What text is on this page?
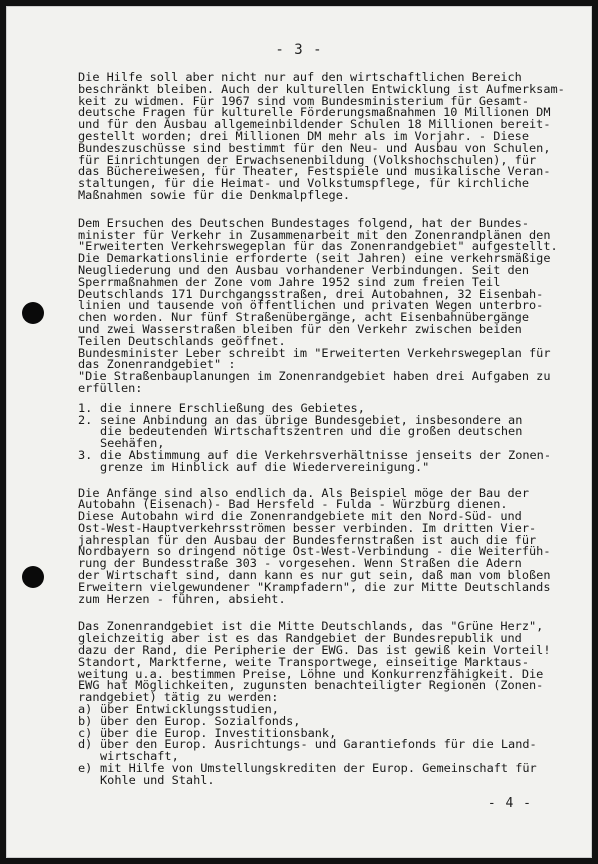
- 3 -

Die Hilfe soll aber nicht nur auf den wirtschaftlichen Bereich
beschränkt bleiben. Auch der kulturellen Entwicklung ist Aufmerksam-
keit zu widmen. Für 1967 sind vom Bundesministerium für Gesamt-
deutsche Fragen für kulturelle Förderungsmaßnahmen 10 Millionen DM
und für den Ausbau allgemeinbildender Schulen 18 Millionen bereit-
gestellt worden; drei Millionen DM mehr als im Vorjahr. - Diese
Bundeszuschüsse sind bestimmt für den Neu- und Ausbau von Schulen,
für Einrichtungen der Erwachsenenbildung (Volkshochschulen), für
das Büchereiwesen, für Theater, Festspiele und musikalische Veran-
staltungen, für die Heimat- und Volkstumspflege, für kirchliche
Maßnahmen sowie für die Denkmalpflege.

Dem Ersuchen des Deutschen Bundestages folgend, hat der Bundes-
minister für Verkehr in Zusammenarbeit mit den Zonenrandplänen den
"Erweiterten Verkehrswegeplan für das Zonenrandgebiet" aufgestellt.
Die Demarkationslinie erforderte (seit Jahren) eine verkehrsmäßige
Neugliederung und den Ausbau vorhandener Verbindungen. Seit den
Sperrmaßnahmen der Zone vom Jahre 1952 sind zum freien Teil
Deutschlands 171 Durchgangsstraßen, drei Autobahnen, 32 Eisenbah-
linien und tausende von öffentlichen und privaten Wegen unterbro-
chen worden. Nur fünf Straßenübergänge, acht Eisenbahnübergänge
und zwei Wasserstraßen bleiben für den Verkehr zwischen beiden
Teilen Deutschlands geöffnet.
Bundesminister Leber schreibt im "Erweiterten Verkehrswegeplan für
das Zonenrandgebiet" :
"Die Straßenbauplanungen im Zonenrandgebiet haben drei Aufgaben zu
erfüllen:

1. die innere Erschließung des Gebietes,
2. seine Anbindung an das übrige Bundesgebiet, insbesondere an
die bedeutenden Wirtschaftszentren und die großen deutschen
Seehäfen,
3. die Abstimmung auf die Verkehrsverhältnisse jenseits der Zonen-
grenze im Hinblick auf die Wiedervereinigung."

Die Anfänge sind also endlich da. Als Beispiel möge der Bau der
Autobahn (Eisenach)- Bad Hersfeld - Fulda - Würzburg dienen.
Diese Autobahn wird die Zonenrandgebiete mit den Nord-Süd- und
Ost-West-Hauptverkehrsströmen besser verbinden. Im dritten Vier-
jahresplan für den Ausbau der Bundesfernstraßen ist auch die für
Nordbayern so dringend nötige Ost-West-Verbindung - die Weiterfüh-
rung der Bundesstraße 303 - vorgesehen. Wenn Straßen die Adern
der Wirtschaft sind, dann kann es nur gut sein, daß man vom bloßen
Erweitern vielgewundener "Krampfadern", die zur Mitte Deutschlands
zum Herzen - führen, absieht.

Das Zonenrandgebiet ist die Mitte Deutschlands, das "Grüne Herz",
gleichzeitig aber ist es das Randgebiet der Bundesrepublik und
dazu der Rand, die Peripherie der EWG. Das ist gewiß kein Vorteil!
Standort, Marktferne, weite Transportwege, einseitige Marktaus-
weitung u.a. bestimmen Preise, Löhne und Konkurrenzfähigkeit. Die
EWG hat Möglichkeiten, zugunsten benachteiligter Regionen (Zonen-
randgebiet) tätig zu werden:

a) über Entwicklungsstudien,
b) über den Europ. Sozialfonds,
c) über die Europ. Investitionsbank,
d) über den Europ. Ausrichtungs- und Garantiefonds für die Land-
wirtschaft,
e) mit Hilfe von Umstellungskrediten der Europ. Gemeinschaft für
Kohle und Stahl.
- 4 -
